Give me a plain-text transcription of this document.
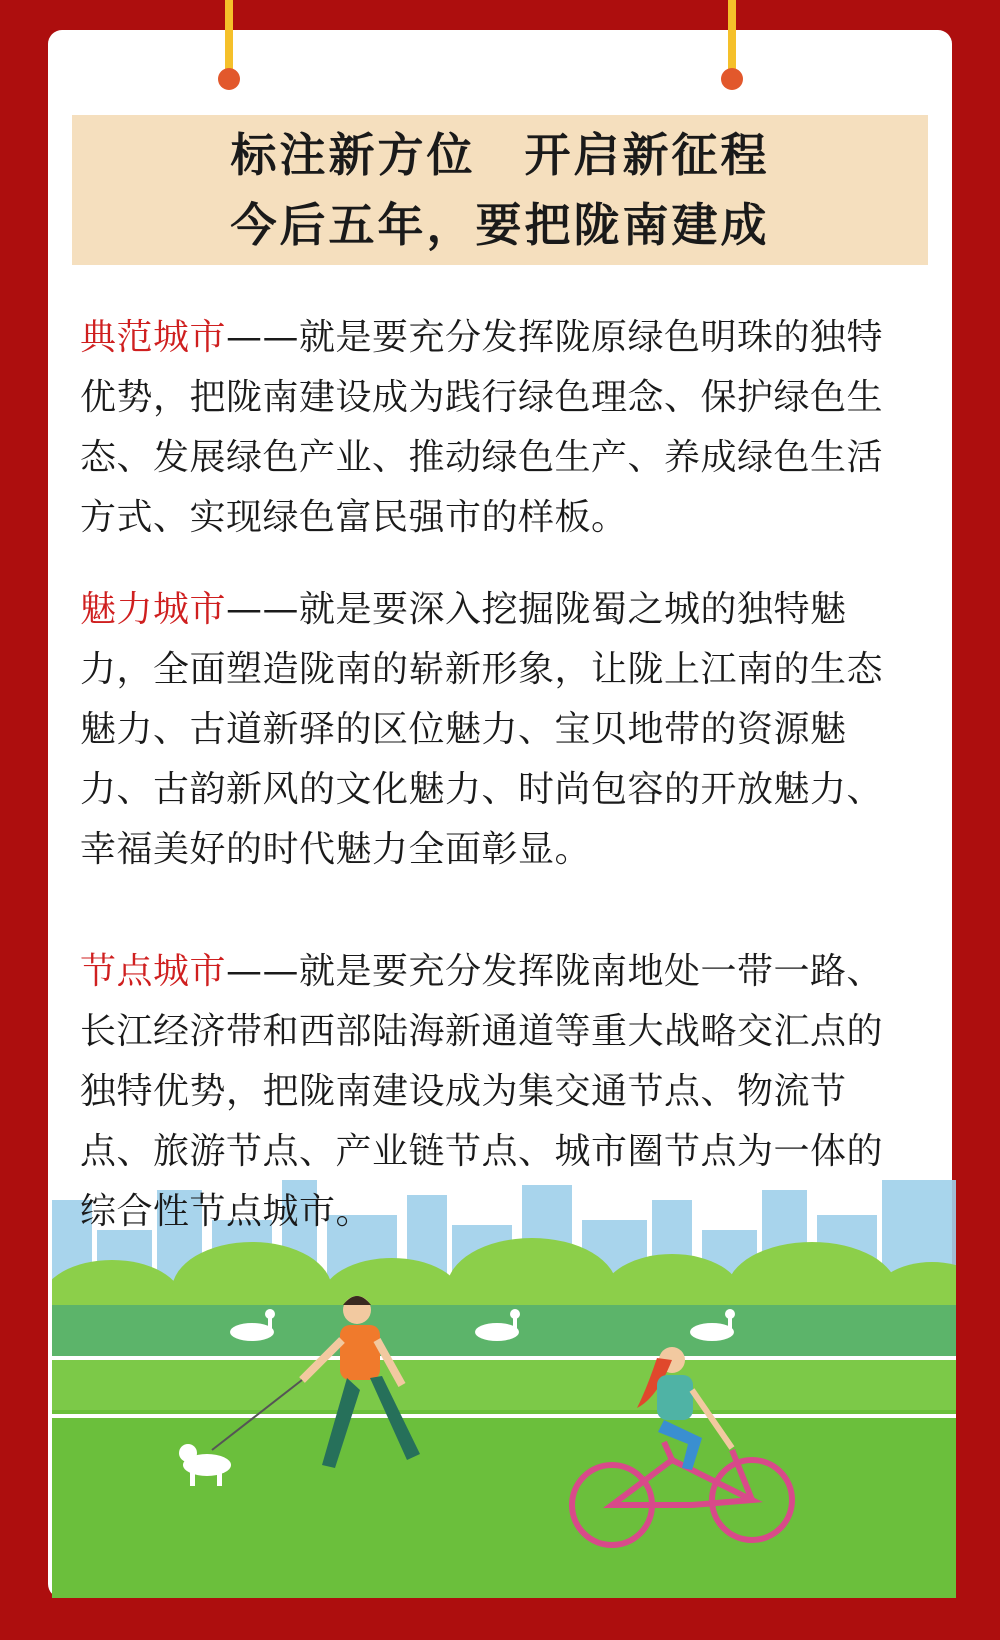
标注新方位　开启新征程
今后五年，要把陇南建成

典范城市——就是要充分发挥陇原绿色明珠的独特优势，把陇南建设成为践行绿色理念、保护绿色生态、发展绿色产业、推动绿色生产、养成绿色生活方式、实现绿色富民强市的样板。

魅力城市——就是要深入挖掘陇蜀之城的独特魅力，全面塑造陇南的崭新形象，让陇上江南的生态魅力、古道新驿的区位魅力、宝贝地带的资源魅力、古韵新风的文化魅力、时尚包容的开放魅力、幸福美好的时代魅力全面彰显。

节点城市——就是要充分发挥陇南地处一带一路、长江经济带和西部陆海新通道等重大战略交汇点的独特优势，把陇南建设成为集交通节点、物流节点、旅游节点、产业链节点、城市圈节点为一体的综合性节点城市。
